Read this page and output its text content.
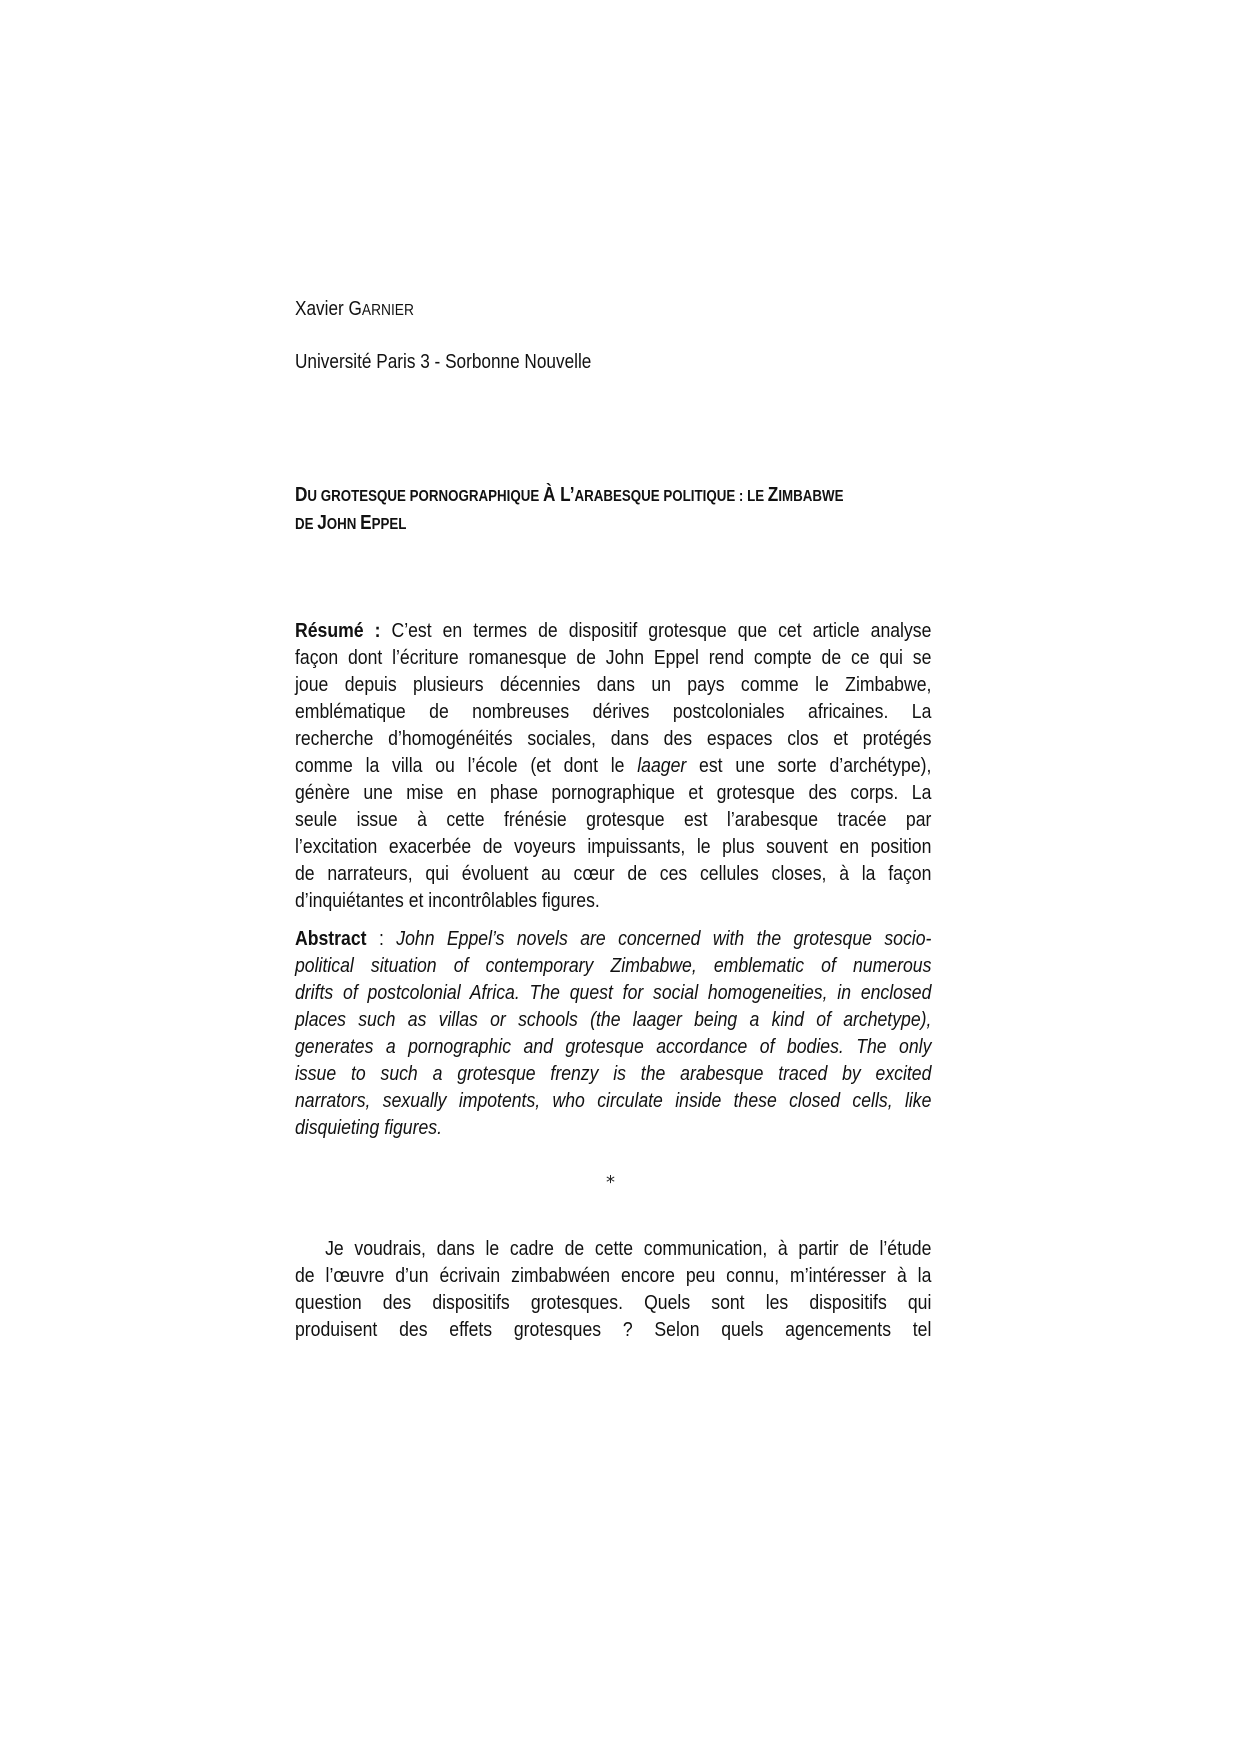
Xavier GARNIER
Université Paris 3 - Sorbonne Nouvelle
DU GROTESQUE PORNOGRAPHIQUE À L’ARABESQUE POLITIQUE : LE ZIMBABWE
DE JOHN EPPEL
Résumé : C’est en termes de dispositif grotesque que cet article analyse
façon dont l’écriture romanesque de John Eppel rend compte de ce qui se
joue depuis plusieurs décennies dans un pays comme le Zimbabwe,
emblématique de nombreuses dérives postcoloniales africaines. La
recherche d’homogénéités sociales, dans des espaces clos et protégés
comme la villa ou l’école (et dont le laager est une sorte d’archétype),
génère une mise en phase pornographique et grotesque des corps. La
seule issue à cette frénésie grotesque est l’arabesque tracée par
l’excitation exacerbée de voyeurs impuissants, le plus souvent en position
de narrateurs, qui évoluent au cœur de ces cellules closes, à la façon
d’inquiétantes et incontrôlables figures.
Abstract : John Eppel’s novels are concerned with the grotesque socio-
political situation of contemporary Zimbabwe, emblematic of numerous
drifts of postcolonial Africa. The quest for social homogeneities, in enclosed
places such as villas or schools (the laager being a kind of archetype),
generates a pornographic and grotesque accordance of bodies. The only
issue to such a grotesque frenzy is the arabesque traced by excited
narrators, sexually impotents, who circulate inside these closed cells, like
disquieting figures.
*
Je voudrais, dans le cadre de cette communication, à partir de l’étude
de l’œuvre d’un écrivain zimbabwéen encore peu connu, m’intéresser à la
question des dispositifs grotesques. Quels sont les dispositifs qui
produisent des effets grotesques ? Selon quels agencements tel
